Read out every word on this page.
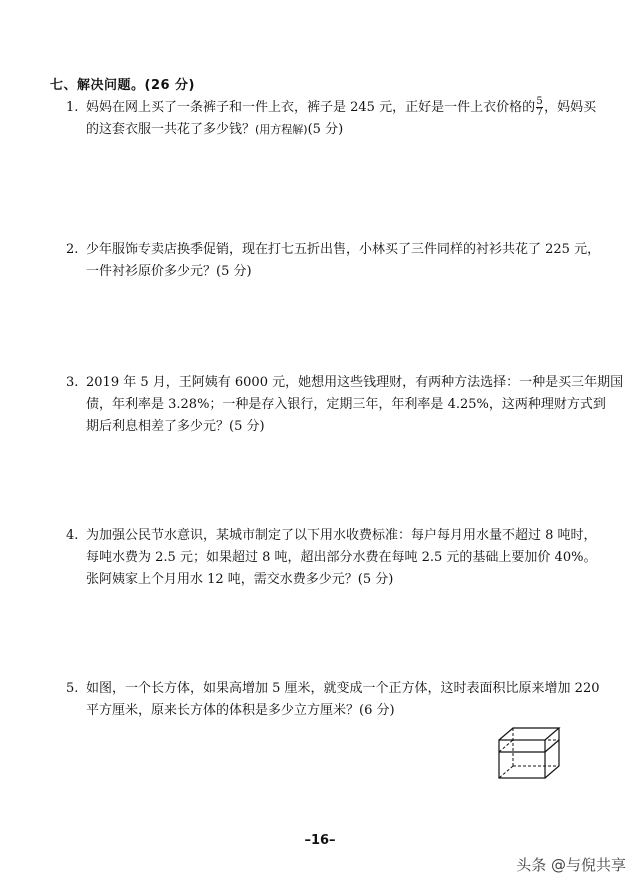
七、解决问题。(26 分)
1. 妈妈在网上买了一条裤子和一件上衣，裤子是 245 元，正好是一件上衣价格的 $\frac{5}{7}$ ，妈妈买
的这套衣服一共花了多少钱？(用方程解)(5 分)
2. 少年服饰专卖店换季促销，现在打七五折出售，小林买了三件同样的衬衫共花了 225 元，
一件衬衫原价多少元？(5 分)
3. 2019 年 5 月，王阿姨有 6000 元，她想用这些钱理财，有两种方法选择：一种是买三年期国
债，年利率是 3.28%；一种是存入银行，定期三年，年利率是 4.25%，这两种理财方式到
期后利息相差了多少元？(5 分)
4. 为加强公民节水意识，某城市制定了以下用水收费标准：每户每月用水量不超过 8 吨时，
每吨水费为 2.5 元；如果超过 8 吨，超出部分水费在每吨 2.5 元的基础上要加价 40%。
张阿姨家上个月用水 12 吨，需交水费多少元？(5 分)
5. 如图，一个长方体，如果高增加 5 厘米，就变成一个正方体，这时表面积比原来增加 220
平方厘米，原来长方体的体积是多少立方厘米？(6 分)
–16–
头条 @与倪共享
